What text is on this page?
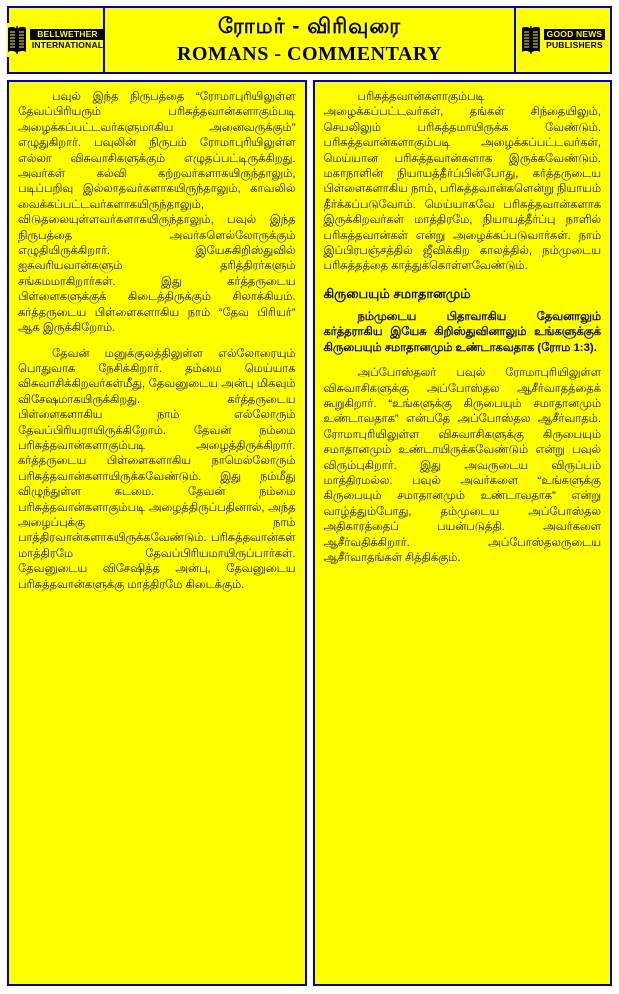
BELLWETHER
INTERNATIONAL
ரோமர் - விரிவுரை
ROMANS - COMMENTARY
GOOD NEWS
PUBLISHERS

பவுல் இந்த நிருபத்தை “ரோமாபுரியிலுள்ள தேவப்பிரியரும் பரிசுத்தவான்களாகும்படி அழைக்கப்பட்டவர்களுமாகிய அனைவருக்கும்” எழுதுகிறார். பவுலின் நிருபம் ரோமாபுரியிலுள்ள எல்லா விசுவாசிகளுக்கும் எழுதப்பட்டிருக்கிறது. அவர்கள் கல்வி கற்றவர்களாகயிருந்தாலும், படிப்பறிவு இல்லாதவர்களாகயிருந்தாலும், காவலில் வைக்கப்பட்டவர்களாகயிருந்தாலும், விடுதலையுள்ளவர்களாகயிருந்தாலும், பவுல் இந்த நிருபத்தை அவர்களெல்லோருக்கும் எழுதியிருக்கிறார். இயேசுகிறிஸ்துவில் ஐசுவரியவான்களும் தரித்திரர்களும் சங்கமமாகிறார்கள். இது கர்த்தருடைய பிள்ளைகளுக்குக் கிடைத்திருக்கும் சிலாக்கியம். கர்த்தருடைய பிள்ளைகளாகிய நாம் “தேவ பிரியர்” ஆக இருக்கிறோம்.

தேவன் மனுக்குலத்திலுள்ள எல்லோரையும் பொதுவாக நேசிக்கிறார். தம்மை மெய்யாக விசுவாசிக்கிறவர்கள்மீது, தேவனுடைய அன்பு மிகவும் விசேஷமாகயிருக்கிறது. கர்த்தருடைய பிள்ளைகளாகிய நாம் எல்லோரும் தேவப்பிரியராயிருக்கிறோம். தேவன் நம்மை பரிசுத்தவான்களாகும்படி அழைத்திருக்கிறார். கர்த்தருடைய பிள்ளைகளாகிய நாமெல்லோரும் பரிசுத்தவான்களாயிருக்கவேண்டும். இது நம்மீது விழுந்துள்ள கடமை. தேவன் நம்மை பரிசுத்தவான்களாகும்படி அழைத்திருப்பதினால், அந்த அழைப்புக்கு நாம் பாத்திரவான்களாகயிருக்கவேண்டும். பரிசுத்தவான்கள் மாத்திரமே தேவப்பிரியமாயிருப்பார்கள். தேவனுடைய விசேஷித்த அன்பு, தேவனுடைய பரிசுத்தவான்களுக்கு மாத்திரமே கிடைக்கும்.

பரிசுத்தவான்களாகும்படி அழைக்கப்பட்டவர்கள், தங்கள் சிந்தையிலும், செயலிலும் பரிசுத்தமாயிருக்க வேண்டும். பரிசுத்தவான்களாகும்படி அழைக்கப்பட்டவர்கள், மெய்யான பரிசுத்தவான்களாக இருக்கவேண்டும். மகாநாளின் நியாயத்தீர்ப்பின்போது, கர்த்தருடைய பிள்ளைகளாகிய நாம், பரிசுத்தவான்களென்று நியாயம் தீர்க்கப்படுவோம். மெய்யாகவே பரிசுத்தவான்களாக இருக்கிறவர்கள் மாத்திரமே, நியாயத்தீர்ப்பு நாளில் பரிசுத்தவான்கள் என்று அழைக்கப்படுவார்கள். நாம் இப்பிரபஞ்சத்தில் ஜீவிக்கிற காலத்தில், நம்முடைய பரிசுத்தத்தை காத்துக்கொள்ளவேண்டும்.

கிருபையும் சமாதானமும்

நம்முடைய பிதாவாகிய தேவனாலும் கர்த்தராகிய இயேசு கிறிஸ்துவினாலும் உங்களுக்குக் கிருபையும் சமாதானமும் உண்டாகவதாக (ரோம 1:3).

அப்போஸ்தலர் பவுல் ரோமாபுரியிலுள்ள விசுவாசிகளுக்கு அப்போஸ்தல ஆசீர்வாதத்தைக் கூறுகிறார். “உங்களுக்கு கிருபையும் சமாதானமும் உண்டாவதாக” என்பதே அப்போஸ்தல ஆசீர்வாதம். ரோமாபுரியிலுள்ள விசுவாசிகளுக்கு கிருபையும் சமாதானமும் உண்டாயிருக்கவேண்டும் என்று பவுல் விரும்புகிறார். இது அவருடைய விருப்பம் மாத்திரமல்ல. பவுல் அவர்களை “உங்களுக்கு கிருபையும் சமாதானமும் உண்டாவதாக” என்று வாழ்த்தும்போது, தம்முடைய அப்போஸ்தல அதிகாரத்தைப் பயன்படுத்தி. அவர்களை ஆசீர்வதிக்கிறார். அப்போஸ்தலருடைய ஆசீர்வாதங்கள் சித்திக்கும்.
